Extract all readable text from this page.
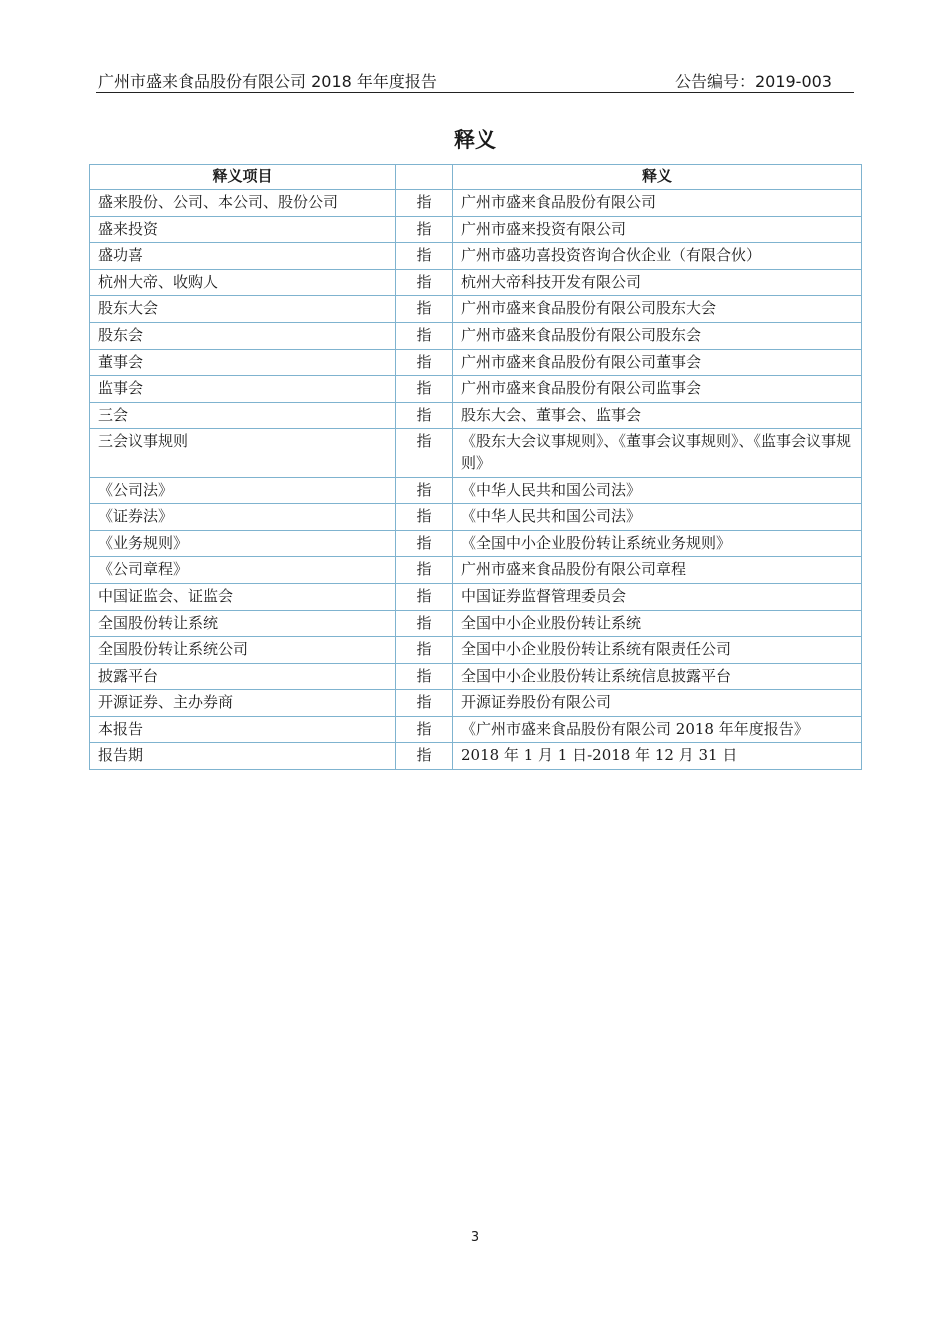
广州市盛来食品股份有限公司 2018 年年度报告	公告编号：2019-003
释义
释义项目		释义
盛来股份、公司、本公司、股份公司	指	广州市盛来食品股份有限公司
盛来投资	指	广州市盛来投资有限公司
盛功喜	指	广州市盛功喜投资咨询合伙企业（有限合伙）
杭州大帝、收购人	指	杭州大帝科技开发有限公司
股东大会	指	广州市盛来食品股份有限公司股东大会
股东会	指	广州市盛来食品股份有限公司股东会
董事会	指	广州市盛来食品股份有限公司董事会
监事会	指	广州市盛来食品股份有限公司监事会
三会	指	股东大会、董事会、监事会
三会议事规则	指	《股东大会议事规则》、《董事会议事规则》、《监事会议事规则》
《公司法》	指	《中华人民共和国公司法》
《证券法》	指	《中华人民共和国公司法》
《业务规则》	指	《全国中小企业股份转让系统业务规则》
《公司章程》	指	广州市盛来食品股份有限公司章程
中国证监会、证监会	指	中国证券监督管理委员会
全国股份转让系统	指	全国中小企业股份转让系统
全国股份转让系统公司	指	全国中小企业股份转让系统有限责任公司
披露平台	指	全国中小企业股份转让系统信息披露平台
开源证券、主办券商	指	开源证券股份有限公司
本报告	指	《广州市盛来食品股份有限公司 2018 年年度报告》
报告期	指	2018 年 1 月 1 日-2018 年 12 月 31 日
3
